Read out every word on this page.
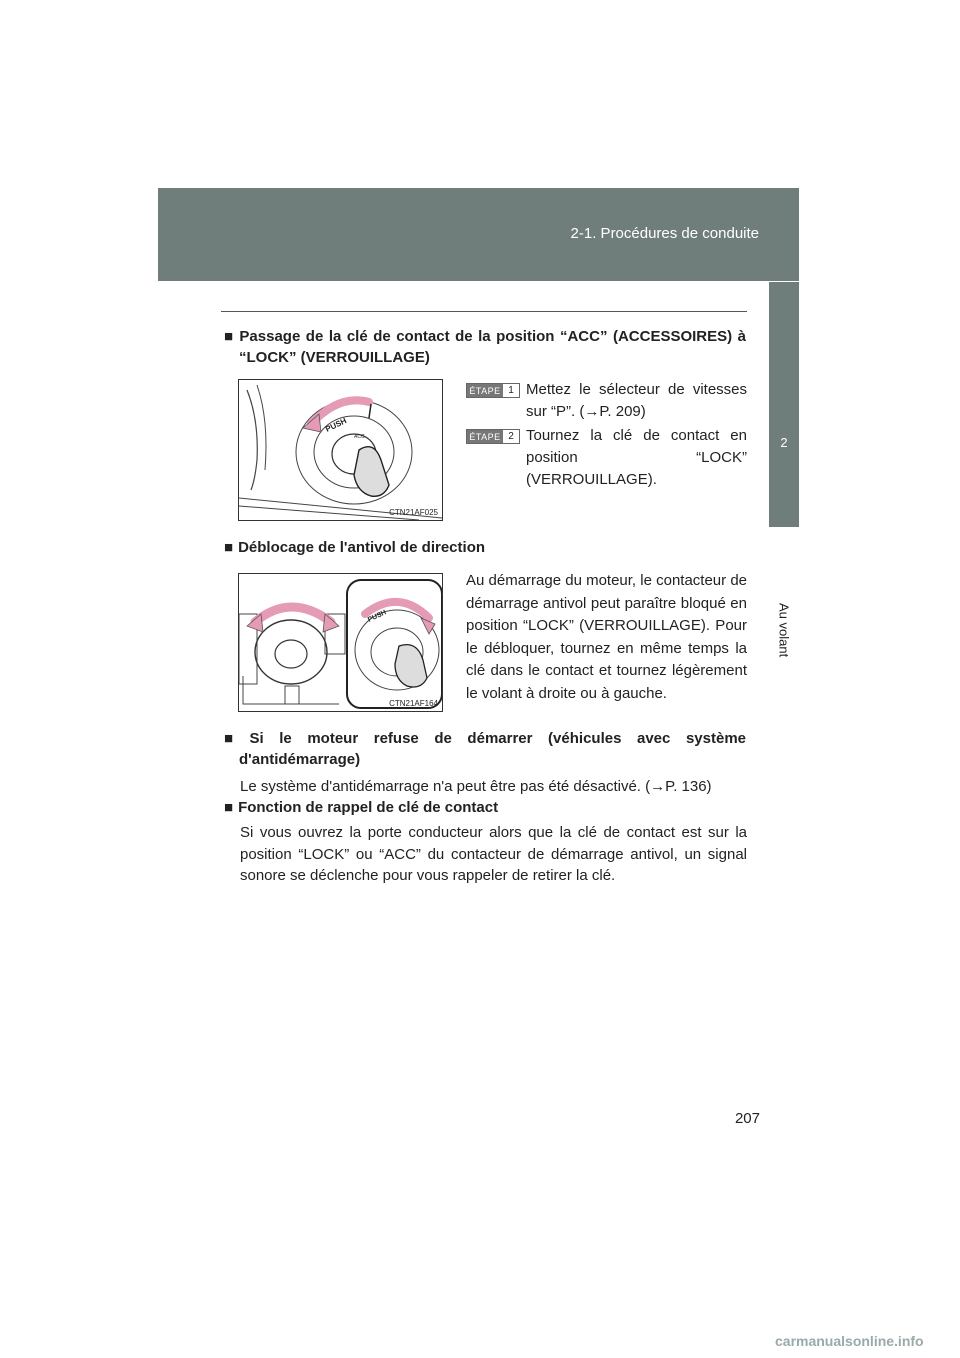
2-1. Procédures de conduite
2
Au volant
■ Passage de la clé de contact de la position “ACC” (ACCESSOIRES) à
“LOCK” (VERROUILLAGE)
PUSH
ACC
CTN21AF025
ÉTAPE 1 Mettez le sélecteur de vitesses sur “P”. (→P. 209)
ÉTAPE 2 Tournez la clé de contact en position “LOCK” (VERROUILLAGE).
■ Déblocage de l'antivol de direction
PUSH
CTN21AF164
Au démarrage du moteur, le contacteur de démarrage antivol peut paraître bloqué en position “LOCK” (VERROUILLAGE). Pour le débloquer, tournez en même temps la clé dans le contact et tournez légèrement le volant à droite ou à gauche.
■ Si le moteur refuse de démarrer (véhicules avec système
d'antidémarrage)
Le système d'antidémarrage n'a peut être pas été désactivé. (→P. 136)
■ Fonction de rappel de clé de contact
Si vous ouvrez la porte conducteur alors que la clé de contact est sur la position “LOCK” ou “ACC” du contacteur de démarrage antivol, un signal sonore se déclenche pour vous rappeler de retirer la clé.
207
carmanualsonline.info
